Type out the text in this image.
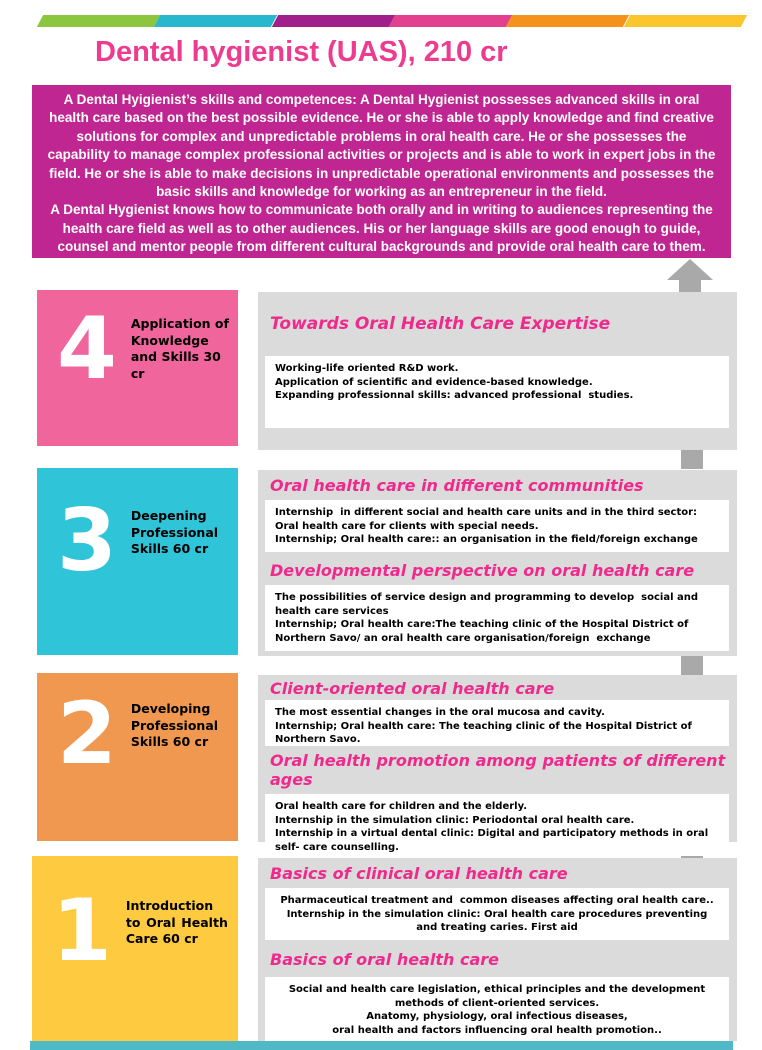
Dental hygienist (UAS), 210 cr

A Dental Hyigienist’s skills and competences: A Dental Hygienist possesses advanced skills in oral health care based on the best possible evidence. He or she is able to apply knowledge and find creative solutions for complex and unpredictable problems in oral health care. He or she possesses the capability to manage complex professional activities or projects and is able to work in expert jobs in the field. He or she is able to make decisions in unpredictable operational environments and possesses the basic skills and knowledge for working as an entrepreneur in the field.

A Dental Hygienist knows how to communicate both orally and in writing to audiences representing the health care field as well as to other audiences. His or her language skills are good enough to guide, counsel and mentor people from different cultural backgrounds and provide oral health care to them.

4 Application of Knowledge and Skills 30 cr
Towards Oral Health Care Expertise
Working-life oriented R&D work.
Application of scientific and evidence-based knowledge.
Expanding professionnal skills: advanced professional  studies.
3 Deepening Professional Skills 60 cr
Oral health care in different communities
Internship  in different social and health care units and in the third sector:
Oral health care for clients with special needs.
Internship; Oral health care:: an organisation in the field/foreign exchange
Developmental perspective on oral health care
The possibilities of service design and programming to develop  social and health care services
Internship; Oral health care:The teaching clinic of the Hospital District of Northern Savo/ an oral health care organisation/foreign  exchange
2 Developing Professional Skills 60 cr
Client-oriented oral health care
The most essential changes in the oral mucosa and cavity.
Internship; Oral health care: The teaching clinic of the Hospital District of Northern Savo.
Oral health promotion among patients of different ages
Oral health care for children and the elderly.
Internship in the simulation clinic: Periodontal oral health care.
Internship in a virtual dental clinic: Digital and participatory methods in oral self- care counselling.
1 Introduction to Oral Health Care 60 cr
Basics of clinical oral health care
Pharmaceutical treatment and  common diseases affecting oral health care..
Internship in the simulation clinic: Oral health care procedures preventing and treating caries. First aid
Basics of oral health care
Social and health care legislation, ethical principles and the development methods of client-oriented services.
Anatomy, physiology, oral infectious diseases,
oral health and factors influencing oral health promotion..
